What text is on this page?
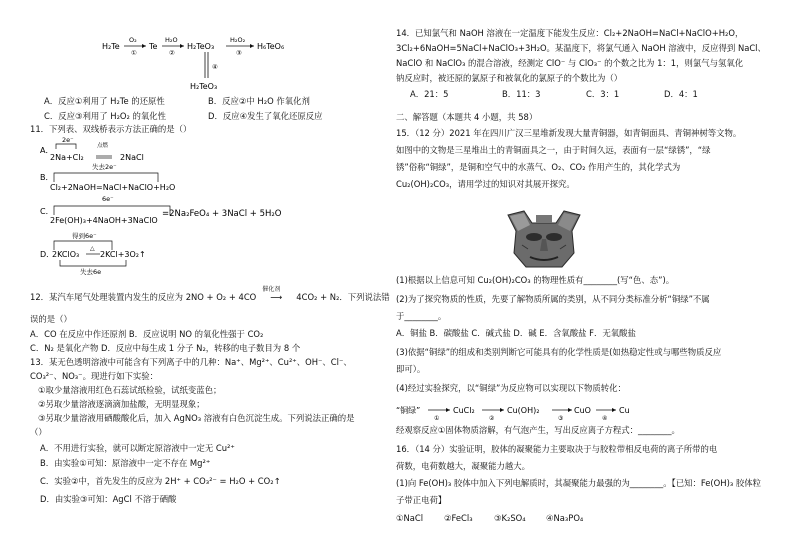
H₂Te
O₂
①
Te
H₂O
②
H₂TeO₃
H₂O₂
③
H₆TeO₆
④
H₂TeO₃
A．反应①利用了 H₂Te 的还原性	B．反应②中 H₂O 作氧化剂
C．反应③利用了 H₂O₂ 的氧化性	D．反应④发生了氧化还原反应
11．下列表、双线桥表示方法正确的是（）
A．
2e⁻
点燃
2Na+Cl₂	2NaCl
B．
失去2e⁻
Cl₂+2NaOH=NaCl+NaClO+H₂O
C．
6e⁻
2Fe(OH)₃+4NaOH+3NaClO
=2Na₂FeO₄ + 3NaCl + 5H₂O
得到6e⁻
D．
2KClO₃
△
2KCl+3O₂↑
失去6e
12．某汽车尾气处理装置内发生的反应为 2NO + O₂ + 4CO
催化剂
⟶ 4CO₂ + N₂．下列说法错
误的是（）
A．CO 在反应中作还原剂 B．反应说明 NO 的氧化性强于 CO₂
C．N₂ 是氧化产物 D．反应中每生成 1 分子 N₂，转移的电子数目为 8 个
13．某无色透明溶液中可能含有下列离子中的几种：Na⁺、Mg²⁺、Cu²⁺、OH⁻、Cl⁻、
CO₃²⁻、NO₃⁻。现进行如下实验：
①取少量溶液用红色石蕊试纸检验，试纸变蓝色；
②另取少量溶液逐滴滴加盐酸，无明显现象；
③另取少量溶液用硒酸酸化后，加入 AgNO₃ 溶液有白色沉淀生成。下列说法正确的是
（）
A．不用进行实验，就可以断定原溶液中一定无 Cu²⁺
B．由实验①可知：原溶液中一定不存在 Mg²⁺
C．实验②中，首先发生的反应为 2H⁺ + CO₃²⁻ = H₂O + CO₂↑
D．由实验③可知：AgCl 不溶于硒酸
14．已知氯气和 NaOH 溶液在一定温度下能发生反应：Cl₂+2NaOH=NaCl+NaClO+H₂O，
3Cl₂+6NaOH=5NaCl+NaClO₃+3H₂O。某温度下，将氯气通入 NaOH 溶液中，反应得到 NaCl、
NaClO 和 NaClO₃ 的混合溶液，经测定 ClO⁻ 与 ClO₃⁻ 的个数之比为 1：1，则氯气与氢氧化
钠反应时，被还原的氯原子和被氧化的氯原子的个数比为（）
A．21：5	B．11：3	C．3：1	D．4：1
二、解答题（本题共 4 小题，共 58）
15．（12 分）2021 年在四川广汉三星堆新发现大量青铜器，如青铜面具、青铜神树等文物。
如图中的文物是三星堆出土的青铜面具之一，由于时间久远，表面有一层“绿锈”，“绿
锈”俗称“铜绿”，是铜和空气中的水蒸气、O₂、CO₂ 作用产生的，其化学式为
Cu₂(OH)₂CO₃，请用学过的知识对其展开探究。
(1)根据以上信息可知 Cu₂(OH)₂CO₃ 的物理性质有________(写“色、态”)。
(2)为了探究物质的性质，先要了解物质所属的类别，从不同分类标准分析“铜绿”不属
于________。
A．铜盐 B．碳酸盐 C．碱式盐 D．碱 E．含氧酸盐 F．无氧酸盐
(3)依据“铜绿”的组成和类别判断它可能具有的化学性质是(如热稳定性或与哪些物质反应
即可）。
(4)经过实验探究，以“铜绿”为反应物可以实现以下物质转化：
“铜绿”
①
CuCl₂
②
Cu(OH)₂
③
CuO
④
Cu
经观察反应①固体物质溶解，有气泡产生，写出反应离子方程式：________。
16．（14 分）实验证明，胶体的凝聚能力主要取决于与胶粒带相反电荷的离子所带的电
荷数，电荷数越大，凝聚能力越大。
(1)向 Fe(OH)₃ 胶体中加入下列电解质时，其凝聚能力最强的为________。【已知：Fe(OH)₃ 胶体粒
子带正电荷】
①NaCl ②FeCl₃	③K₂SO₄ ④Na₃PO₄
